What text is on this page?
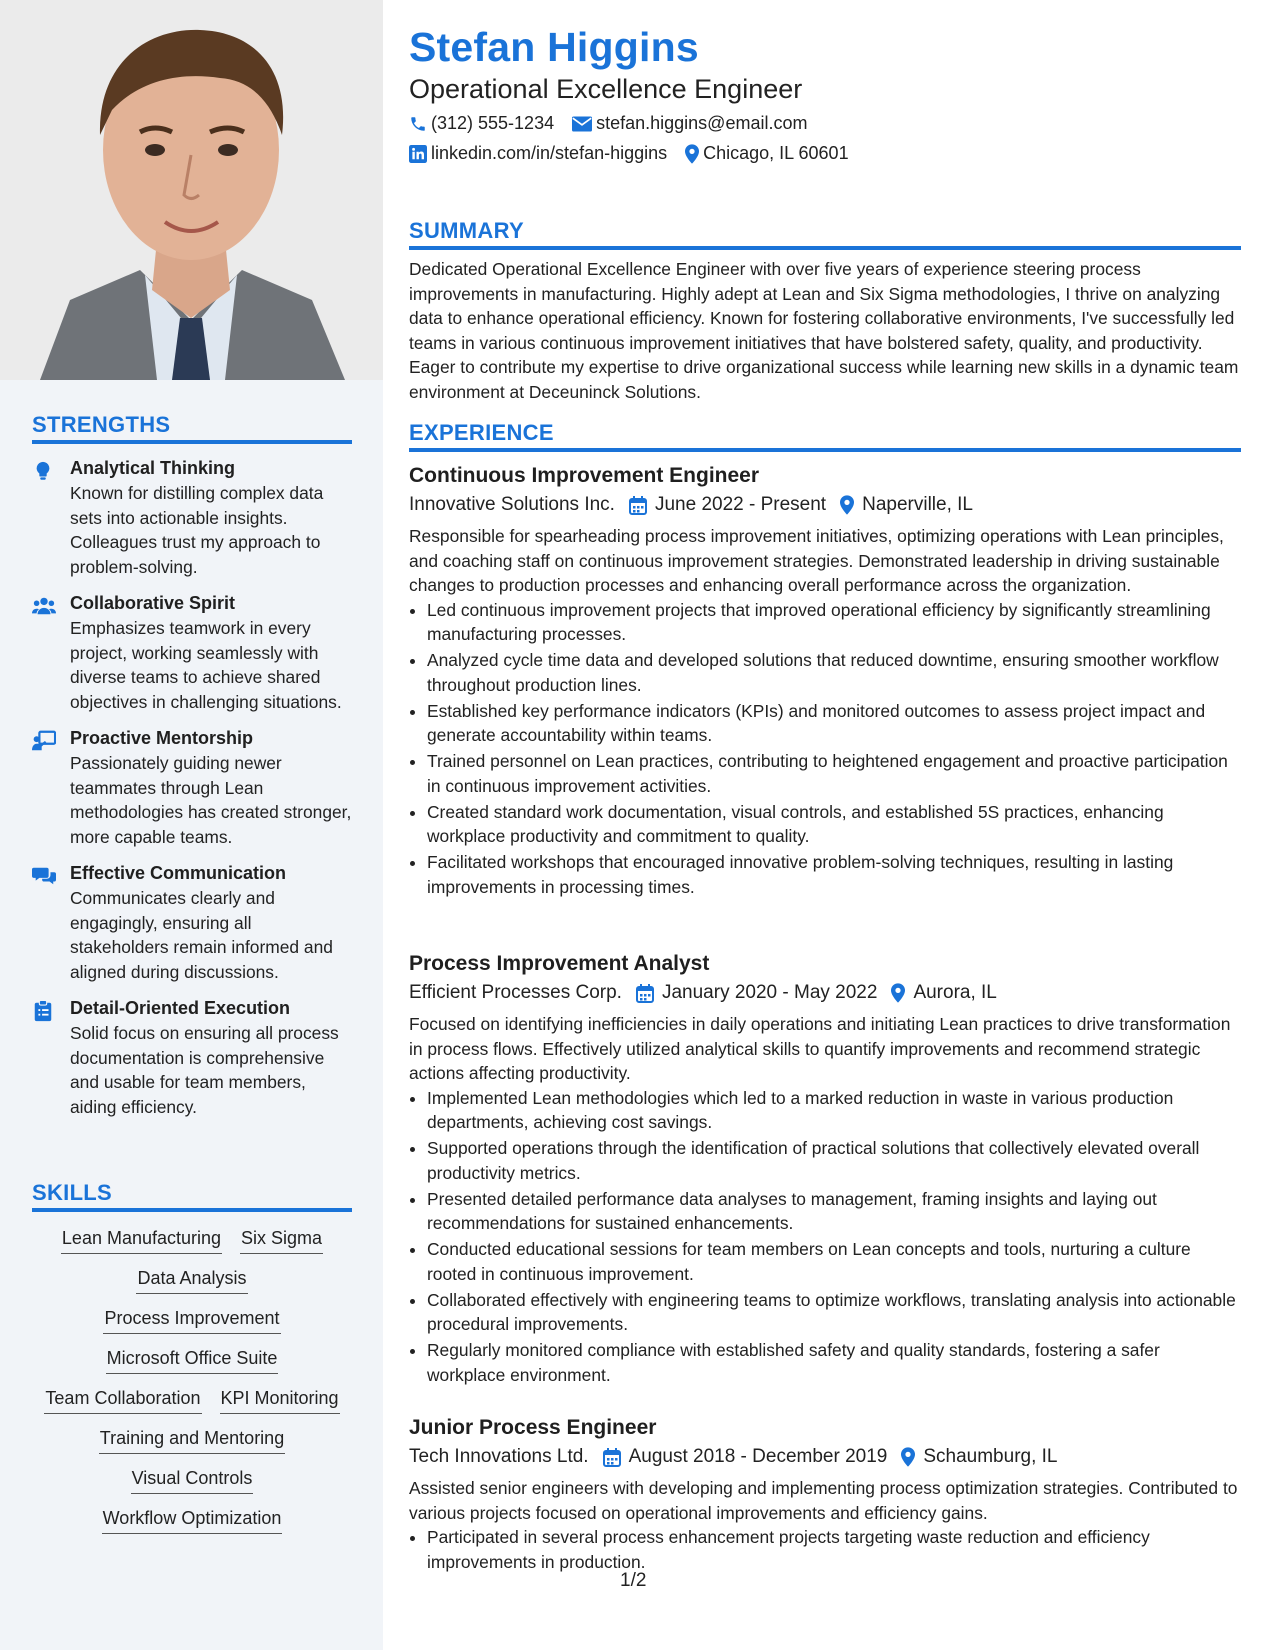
STRENGTHS
Analytical Thinking
Known for distilling complex data sets into actionable insights. Colleagues trust my approach to problem-solving.
Collaborative Spirit
Emphasizes teamwork in every project, working seamlessly with diverse teams to achieve shared objectives in challenging situations.
Proactive Mentorship
Passionately guiding newer teammates through Lean methodologies has created stronger, more capable teams.
Effective Communication
Communicates clearly and engagingly, ensuring all stakeholders remain informed and aligned during discussions.
Detail-Oriented Execution
Solid focus on ensuring all process documentation is comprehensive and usable for team members, aiding efficiency.
SKILLS
Lean Manufacturing Six Sigma
Data Analysis
Process Improvement
Microsoft Office Suite
Team Collaboration KPI Monitoring
Training and Mentoring
Visual Controls
Workflow Optimization
Stefan Higgins
Operational Excellence Engineer
(312) 555-1234 stefan.higgins@email.com
linkedin.com/in/stefan-higgins Chicago, IL 60601
SUMMARY
Dedicated Operational Excellence Engineer with over five years of experience steering process improvements in manufacturing. Highly adept at Lean and Six Sigma methodologies, I thrive on analyzing data to enhance operational efficiency. Known for fostering collaborative environments, I've successfully led teams in various continuous improvement initiatives that have bolstered safety, quality, and productivity. Eager to contribute my expertise to drive organizational success while learning new skills in a dynamic team environment at Deceuninck Solutions.
EXPERIENCE
Continuous Improvement Engineer
Innovative Solutions Inc. June 2022 - Present Naperville, IL
Responsible for spearheading process improvement initiatives, optimizing operations with Lean principles, and coaching staff on continuous improvement strategies. Demonstrated leadership in driving sustainable changes to production processes and enhancing overall performance across the organization.
• Led continuous improvement projects that improved operational efficiency by significantly streamlining manufacturing processes.
• Analyzed cycle time data and developed solutions that reduced downtime, ensuring smoother workflow throughout production lines.
• Established key performance indicators (KPIs) and monitored outcomes to assess project impact and generate accountability within teams.
• Trained personnel on Lean practices, contributing to heightened engagement and proactive participation in continuous improvement activities.
• Created standard work documentation, visual controls, and established 5S practices, enhancing workplace productivity and commitment to quality.
• Facilitated workshops that encouraged innovative problem-solving techniques, resulting in lasting improvements in processing times.
Process Improvement Analyst
Efficient Processes Corp. January 2020 - May 2022 Aurora, IL
Focused on identifying inefficiencies in daily operations and initiating Lean practices to drive transformation in process flows. Effectively utilized analytical skills to quantify improvements and recommend strategic actions affecting productivity.
• Implemented Lean methodologies which led to a marked reduction in waste in various production departments, achieving cost savings.
• Supported operations through the identification of practical solutions that collectively elevated overall productivity metrics.
• Presented detailed performance data analyses to management, framing insights and laying out recommendations for sustained enhancements.
• Conducted educational sessions for team members on Lean concepts and tools, nurturing a culture rooted in continuous improvement.
• Collaborated effectively with engineering teams to optimize workflows, translating analysis into actionable procedural improvements.
• Regularly monitored compliance with established safety and quality standards, fostering a safer workplace environment.
Junior Process Engineer
Tech Innovations Ltd. August 2018 - December 2019 Schaumburg, IL
Assisted senior engineers with developing and implementing process optimization strategies. Contributed to various projects focused on operational improvements and efficiency gains.
• Participated in several process enhancement projects targeting waste reduction and efficiency improvements in production.
1/2
